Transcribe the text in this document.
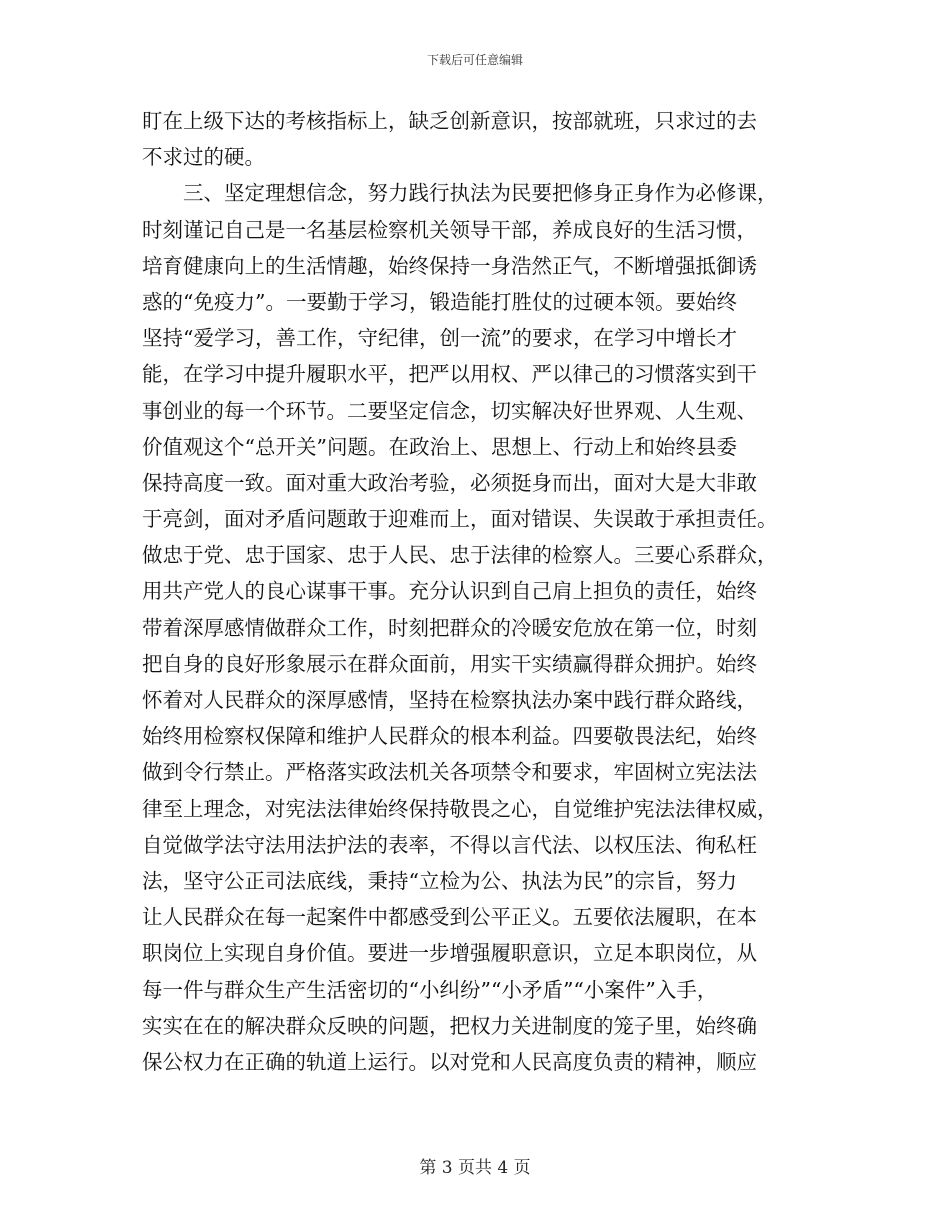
下载后可任意编辑
盯在上级下达的考核指标上，缺乏创新意识，按部就班，只求过的去
不求过的硬。
三、坚定理想信念，努力践行执法为民要把修身正身作为必修课，
时刻谨记自己是一名基层检察机关领导干部，养成良好的生活习惯，
培育健康向上的生活情趣，始终保持一身浩然正气，不断增强抵御诱
惑的“免疫力”。一要勤于学习，锻造能打胜仗的过硬本领。要始终
坚持“爱学习，善工作，守纪律，创一流”的要求，在学习中增长才
能，在学习中提升履职水平，把严以用权、严以律己的习惯落实到干
事创业的每一个环节。二要坚定信念，切实解决好世界观、人生观、
价值观这个“总开关”问题。在政治上、思想上、行动上和始终县委
保持高度一致。面对重大政治考验，必须挺身而出，面对大是大非敢
于亮剑，面对矛盾问题敢于迎难而上，面对错误、失误敢于承担责任。
做忠于党、忠于国家、忠于人民、忠于法律的检察人。三要心系群众，
用共产党人的良心谋事干事。充分认识到自己肩上担负的责任，始终
带着深厚感情做群众工作，时刻把群众的冷暖安危放在第一位，时刻
把自身的良好形象展示在群众面前，用实干实绩赢得群众拥护。始终
怀着对人民群众的深厚感情，坚持在检察执法办案中践行群众路线，
始终用检察权保障和维护人民群众的根本利益。四要敬畏法纪，始终
做到令行禁止。严格落实政法机关各项禁令和要求，牢固树立宪法法
律至上理念，对宪法法律始终保持敬畏之心，自觉维护宪法法律权威，
自觉做学法守法用法护法的表率，不得以言代法、以权压法、徇私枉
法，坚守公正司法底线，秉持“立检为公、执法为民”的宗旨，努力
让人民群众在每一起案件中都感受到公平正义。五要依法履职，在本
职岗位上实现自身价值。要进一步增强履职意识，立足本职岗位，从
每一件与群众生产生活密切的“小纠纷”“小矛盾”“小案件”入手，
实实在在的解决群众反映的问题，把权力关进制度的笼子里，始终确
保公权力在正确的轨道上运行。以对党和人民高度负责的精神，顺应
第 3 页共 4 页
